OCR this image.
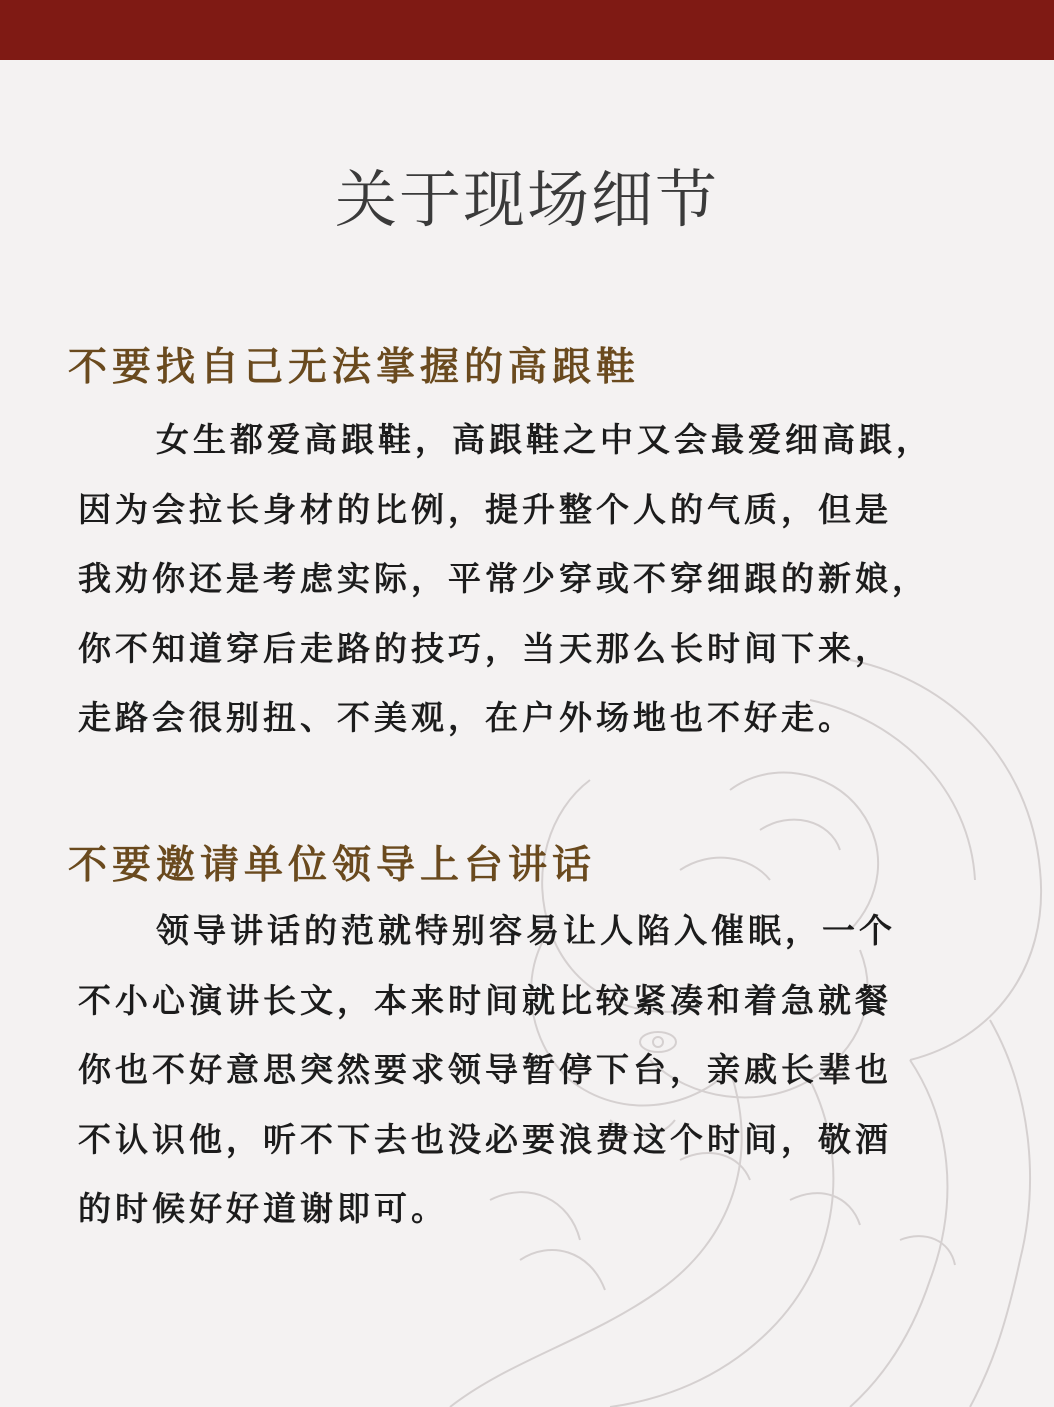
关于现场细节
不要找自己无法掌握的高跟鞋
女生都爱高跟鞋，高跟鞋之中又会最爱细高跟，
因为会拉长身材的比例，提升整个人的气质，但是
我劝你还是考虑实际，平常少穿或不穿细跟的新娘，
你不知道穿后走路的技巧，当天那么长时间下来，
走路会很别扭、不美观，在户外场地也不好走。
不要邀请单位领导上台讲话
领导讲话的范就特别容易让人陷入催眠，一个
不小心演讲长文，本来时间就比较紧凑和着急就餐
你也不好意思突然要求领导暂停下台，亲戚长辈也
不认识他，听不下去也没必要浪费这个时间，敬酒
的时候好好道谢即可。
